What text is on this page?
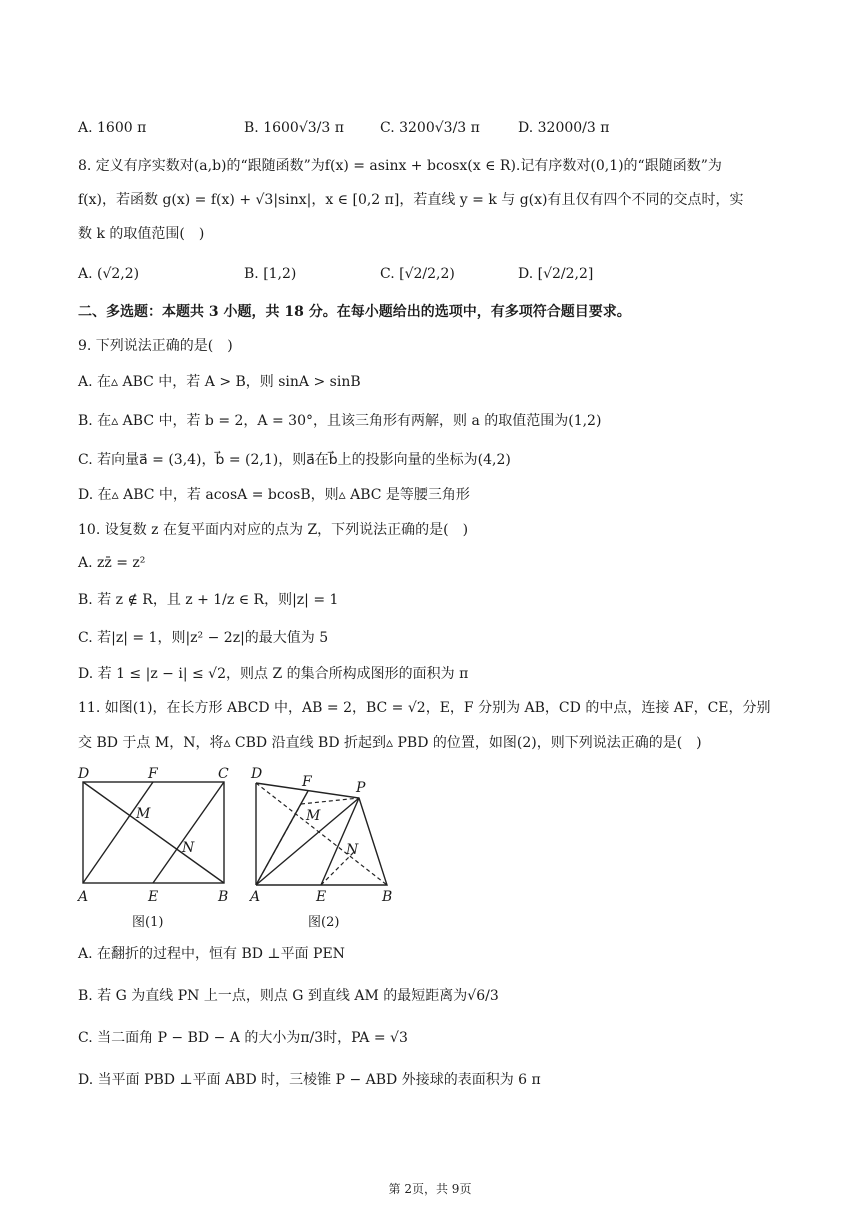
A. 1600 π	B. 1600√3/3 π	C. 3200√3/3 π	D. 32000/3 π
8. 定义有序实数对(a,b)的“跟随函数”为f(x) = asinx + bcosx(x ∈ R).记有序数对(0,1)的“跟随函数”为
f(x)，若函数 g(x) = f(x) + √3|sinx|，x ∈ [0,2 π]，若直线 y = k 与 g(x)有且仅有四个不同的交点时，实
数 k 的取值范围(　)
A. (√2,2)	B. [1,2)	C. [√2/2,2)	D. [√2/2,2]
二、多选题：本题共 3 小题，共 18 分。在每小题给出的选项中，有多项符合题目要求。
9. 下列说法正确的是(　)
A. 在▵ ABC 中，若 A > B，则 sinA > sinB
B. 在▵ ABC 中，若 b = 2，A = 30°，且该三角形有两解，则 a 的取值范围为(1,2)
C. 若向量a⃗ = (3,4)，b⃗ = (2,1)，则a⃗在b⃗上的投影向量的坐标为(4,2)
D. 在▵ ABC 中，若 acosA = bcosB，则▵ ABC 是等腰三角形
10. 设复数 z 在复平面内对应的点为 Z，下列说法正确的是(　)
A. zz̄ = z²
B. 若 z ∉ R，且 z + 1/z ∈ R，则|z| = 1
C. 若|z| = 1，则|z² − 2z|的最大值为 5
D. 若 1 ≤ |z − i| ≤ √2，则点 Z 的集合所构成图形的面积为 π
11. 如图(1)，在长方形 ABCD 中，AB = 2，BC = √2，E，F 分别为 AB，CD 的中点，连接 AF，CE，分别
交 BD 于点 M，N，将▵ CBD 沿直线 BD 折起到▵ PBD 的位置，如图(2)，则下列说法正确的是(　)
D	F	C
M
N
A	E	B
D	F	P
M
N
A	E	B
图(1)	图(2)
A. 在翻折的过程中，恒有 BD ⊥平面 PEN
B. 若 G 为直线 PN 上一点，则点 G 到直线 AM 的最短距离为√6/3
C. 当二面角 P − BD − A 的大小为π/3时，PA = √3
D. 当平面 PBD ⊥平面 ABD 时，三棱锥 P − ABD 外接球的表面积为 6 π
第 2页，共 9页
